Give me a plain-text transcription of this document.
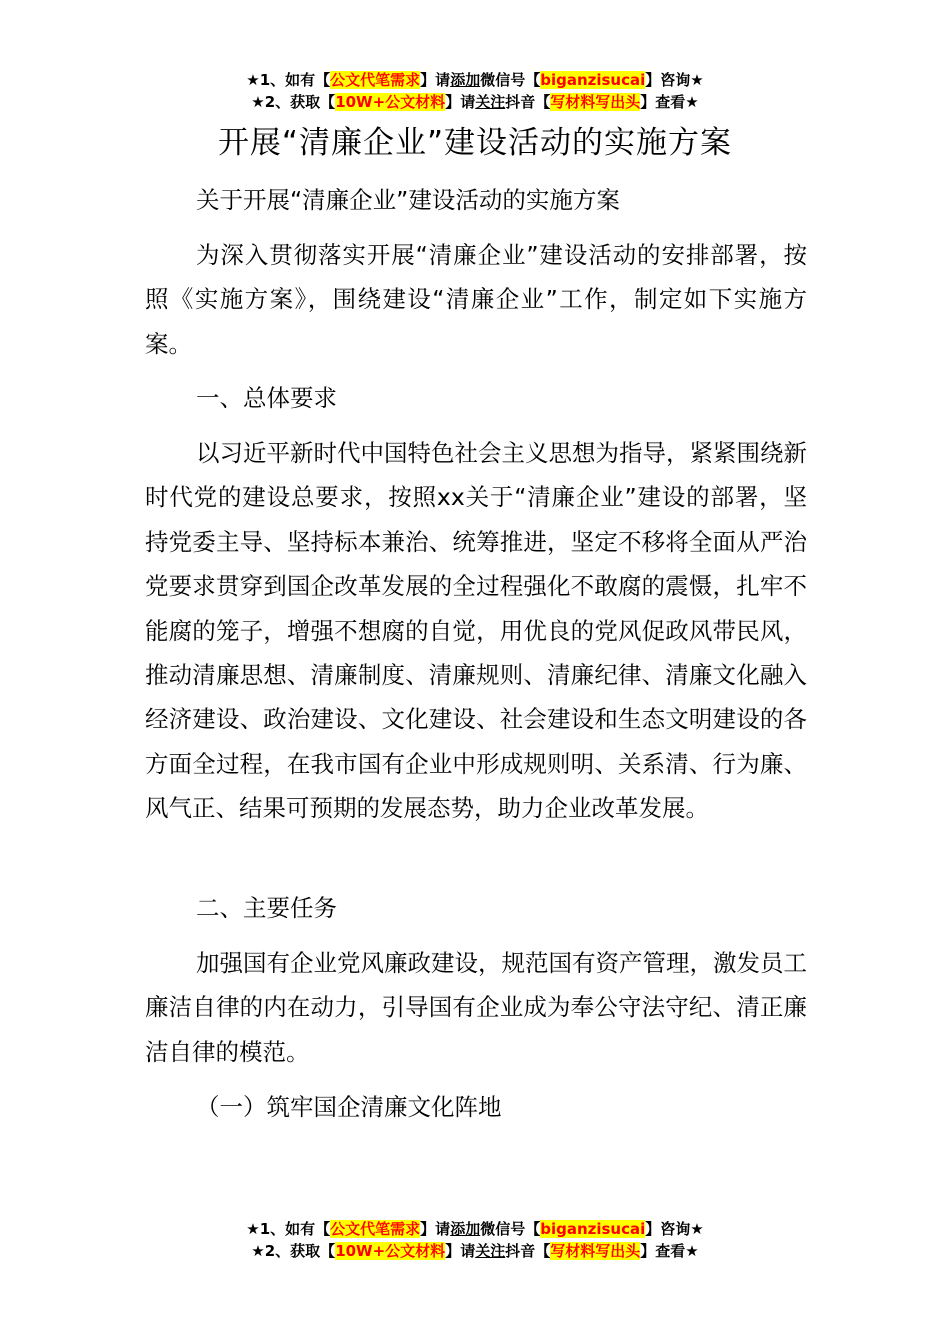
★1、如有【公文代笔需求】请添加微信号【biganzisucai】咨询★
★2、获取【10W+公文材料】请关注抖音【写材料写出头】查看★
开展“清廉企业”建设活动的实施方案

关于开展“清廉企业”建设活动的实施方案

为深入贯彻落实开展“清廉企业”建设活动的安排部署，按照《实施方案》，围绕建设“清廉企业”工作，制定如下实施方案。

一、总体要求

以习近平新时代中国特色社会主义思想为指导，紧紧围绕新时代党的建设总要求，按照xx关于“清廉企业”建设的部署，坚持党委主导、坚持标本兼治、统筹推进，坚定不移将全面从严治党要求贯穿到国企改革发展的全过程强化不敢腐的震慑，扎牢不能腐的笼子，增强不想腐的自觉，用优良的党风促政风带民风，推动清廉思想、清廉制度、清廉规则、清廉纪律、清廉文化融入经济建设、政治建设、文化建设、社会建设和生态文明建设的各方面全过程，在我市国有企业中形成规则明、关系清、行为廉、风气正、结果可预期的发展态势，助力企业改革发展。

二、主要任务

加强国有企业党风廉政建设，规范国有资产管理，激发员工廉洁自律的内在动力，引导国有企业成为奉公守法守纪、清正廉洁自律的模范。

（一）筑牢国企清廉文化阵地

★1、如有【公文代笔需求】请添加微信号【biganzisucai】咨询★
★2、获取【10W+公文材料】请关注抖音【写材料写出头】查看★
